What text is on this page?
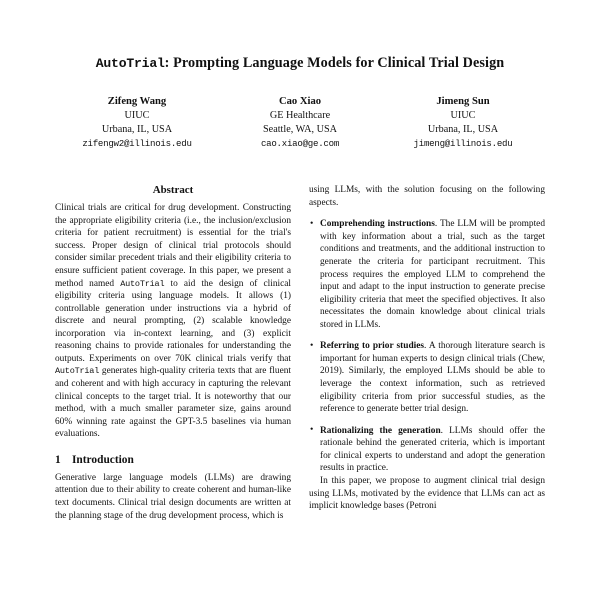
AutoTrial: Prompting Language Models for Clinical Trial Design
Zifeng Wang
UIUC
Urbana, IL, USA
zifengw2@illinois.edu
Cao Xiao
GE Healthcare
Seattle, WA, USA
cao.xiao@ge.com
Jimeng Sun
UIUC
Urbana, IL, USA
jimeng@illinois.edu
Abstract

Clinical trials are critical for drug development. Constructing the appropriate eligibility criteria (i.e., the inclusion/exclusion criteria for patient recruitment) is essential for the trial's success. Proper design of clinical trial protocols should consider similar precedent trials and their eligibility criteria to ensure sufficient patient coverage. In this paper, we present a method named AutoTrial to aid the design of clinical eligibility criteria using language models. It allows (1) controllable generation under instructions via a hybrid of discrete and neural prompting, (2) scalable knowledge incorporation via in-context learning, and (3) explicit reasoning chains to provide rationales for understanding the outputs. Experiments on over 70K clinical trials verify that AutoTrial generates high-quality criteria texts that are fluent and coherent and with high accuracy in capturing the relevant clinical concepts to the target trial. It is noteworthy that our method, with a much smaller parameter size, gains around 60% winning rate against the GPT-3.5 baselines via human evaluations.

1 Introduction

Generative large language models (LLMs) are drawing attention due to their ability to create coherent and human-like text documents. Clinical trial design documents are written at the planning stage of the drug development process, which is

using LLMs, with the solution focusing on the following aspects.

• Comprehending instructions. The LLM will be prompted with key information about a trial, such as the target conditions and treatments, and the additional instruction to generate the criteria for participant recruitment. This process requires the employed LLM to comprehend the input and adapt to the input instruction to generate precise eligibility criteria that meet the specified objectives. It also necessitates the domain knowledge about clinical trials stored in LLMs.
• Referring to prior studies. A thorough literature search is important for human experts to design clinical trials (Chew, 2019). Similarly, the employed LLMs should be able to leverage the context information, such as retrieved eligibility criteria from prior successful studies, as the reference to generate better trial design.
• Rationalizing the generation. LLMs should offer the rationale behind the generated criteria, which is important for clinical experts to understand and adopt the generation results in practice.

In this paper, we propose to augment clinical trial design using LLMs, motivated by the evidence that LLMs can act as implicit knowledge bases (Petroni
